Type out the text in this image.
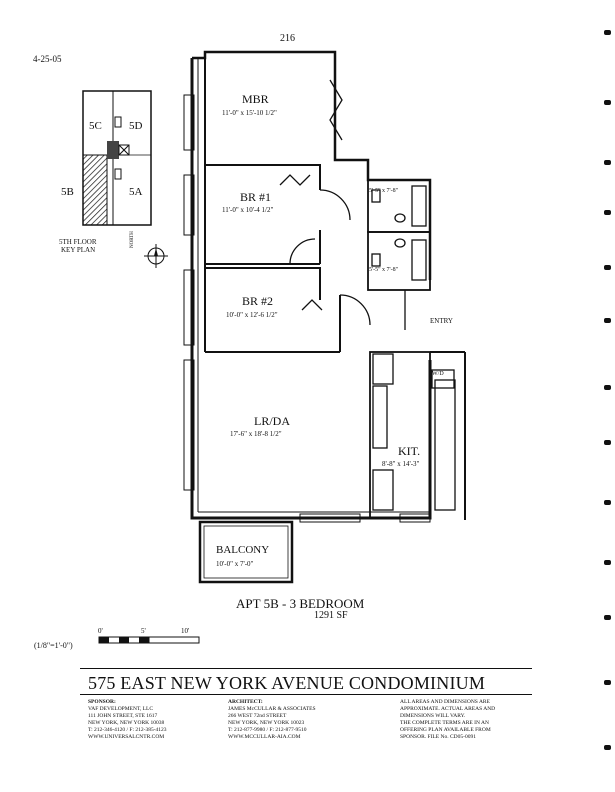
216
4-25-05
5C 5D
5B	5A
5TH FLOOR
KEY PLAN
NORTH
MBR
11'-0" x 15'-10 1/2"
BR #1
11'-0" x 10'-4 1/2"
BR #2
10'-0" x 12'-6 1/2"
LR/DA
17'-6" x 18'-8 1/2"
KIT.
8'-8" x 14'-3"
BALCONY
10'-0" x 7'-0"
5'-5" x 7'-8"
5'-5" x 7'-8"
ENTRY
W/D
APT 5B - 3 BEDROOM
1291 SF
0'	5'	10'
(1/8"=1'-0")
575 EAST NEW YORK AVENUE CONDOMINIUM
SPONSOR:
VAF DEVELOPMENT, LLC
111 JOHN STREET, STE 1617
NEW YORK, NEW YORK 10038
T: 212-346-4120 / F: 212-385-4123
WWW.UNIVERSALCNTR.COM
ARCHITECT:
JAMES McCULLAR & ASSOCIATES
266 WEST 72nd STREET
NEW YORK, NEW YORK 10023
T: 212-877-9980 / F: 212-877-9510
WWW.MCCULLAR-AIA.COM
ALL AREAS AND DIMENSIONS ARE
APPROXIMATE. ACTUAL AREAS AND
DIMENSIONS WILL VARY.
THE COMPLETE TERMS ARE IN AN
OFFERING PLAN AVAILABLE FROM
SPONSOR. FILE No. CD05-0091
